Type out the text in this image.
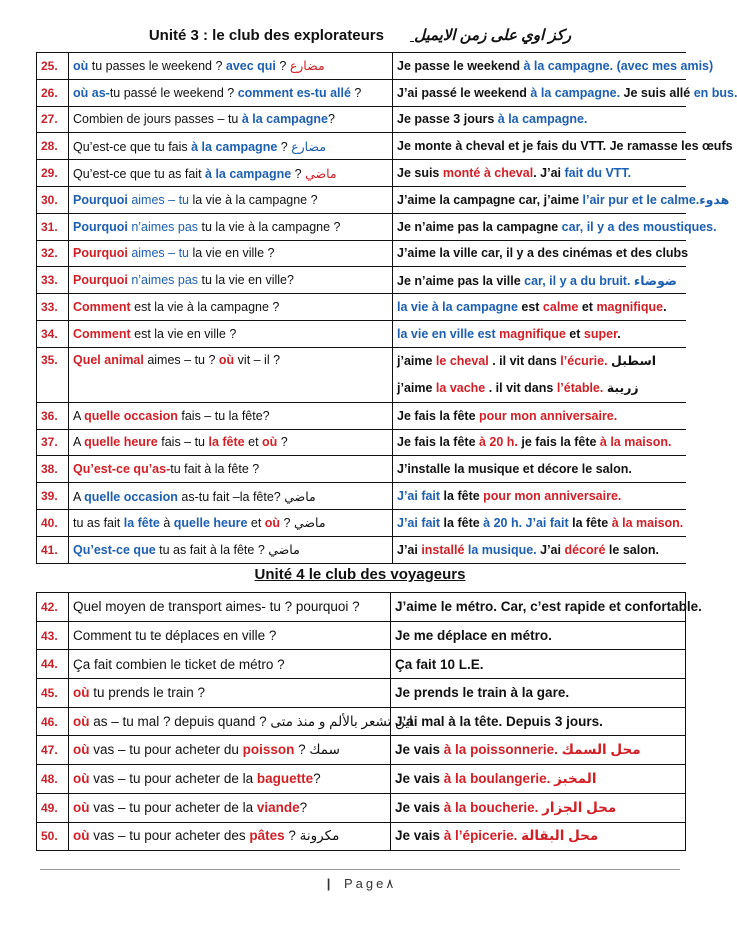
Unité 3 : le club des explorateurs ركز اوي على زمن الايميل
25.	où tu passes le weekend ? avec qui ? مضارع	Je passe le weekend à la campagne. (avec mes amis)
26.	où as-tu passé le weekend ? comment es-tu allé ?	J’ai passé le weekend à la campagne. Je suis allé en bus.
27.	Combien de jours passes – tu à la campagne?	Je passe 3 jours à la campagne.
28.	Qu’est-ce que tu fais à la campagne ? مضارع	Je monte à cheval et je fais du VTT. Je ramasse les œufs
29.	Qu’est-ce que tu as fait à la campagne ? ماضي	Je suis monté à cheval. J’ai fait du VTT.
30.	Pourquoi aimes – tu la vie à la campagne ?	J’aime la campagne car, j’aime l’air pur et le calme.هدوء
31.	Pourquoi n’aimes pas tu la vie à la campagne ?	Je n’aime pas la campagne car, il y a des moustiques.
32.	Pourquoi aimes – tu la vie en ville ?	J’aime la ville car, il y a des cinémas et des clubs
33.	Pourquoi n’aimes pas tu la vie en ville?	Je n’aime pas la ville car, il y a du bruit. ضوضاء
33.	Comment est la vie à la campagne ?	la vie à la campagne est calme et magnifique.
34.	Comment est la vie en ville ?	la vie en ville est magnifique et super.
35.	Quel animal aimes – tu ? où vit – il ?	j’aime le cheval . il vit dans l’écurie. اسطبل
j’aime la vache . il vit dans l’étable. زريبة

36.	A quelle occasion fais – tu la fête?	Je fais la fête pour mon anniversaire.
37.	A quelle heure fais – tu la fête et où ?	Je fais la fête à 20 h. je fais la fête à la maison.
38.	Qu’est-ce qu’as-tu fait à la fête ?	J’installe la musique et décore le salon.
39.	A quelle occasion as-tu fait –la fête? ماضي	J’ai fait la fête pour mon anniversaire.
40.	tu as fait la fête à quelle heure et où ? ماضي	J’ai fait la fête à 20 h. J’ai fait la fête à la maison.
41.	Qu’est-ce que tu as fait à la fête ? ماضي	J’ai installé la musique. J’ai décoré le salon.
Unité 4 le club des voyageurs
42.	Quel moyen de transport aimes- tu ? pourquoi ?	J’aime le métro. Car, c’est rapide et confortable.
43.	Comment tu te déplaces en ville ?	Je me déplace en métro.
44.	Ça fait combien le ticket de métro ?	Ça fait 10 L.E.
45.	où tu prends le train ?	Je prends le train à la gare.
46.	où as – tu mal ? depuis quand ? اين تشعر بالألم و منذ متى	J’ai mal à la tête. Depuis 3 jours.
47.	où vas – tu pour acheter du poisson ? سمك	Je vais à la poissonnerie. محل السمك
48.	où vas – tu pour acheter de la baguette?	Je vais à la boulangerie. المخبز
49.	où vas – tu pour acheter de la viande?	Je vais à la boucherie. محل الجزار
50.	où vas – tu pour acheter des pâtes ? مكرونة	Je vais à l’épicerie. محل البقالة
| Page٨
